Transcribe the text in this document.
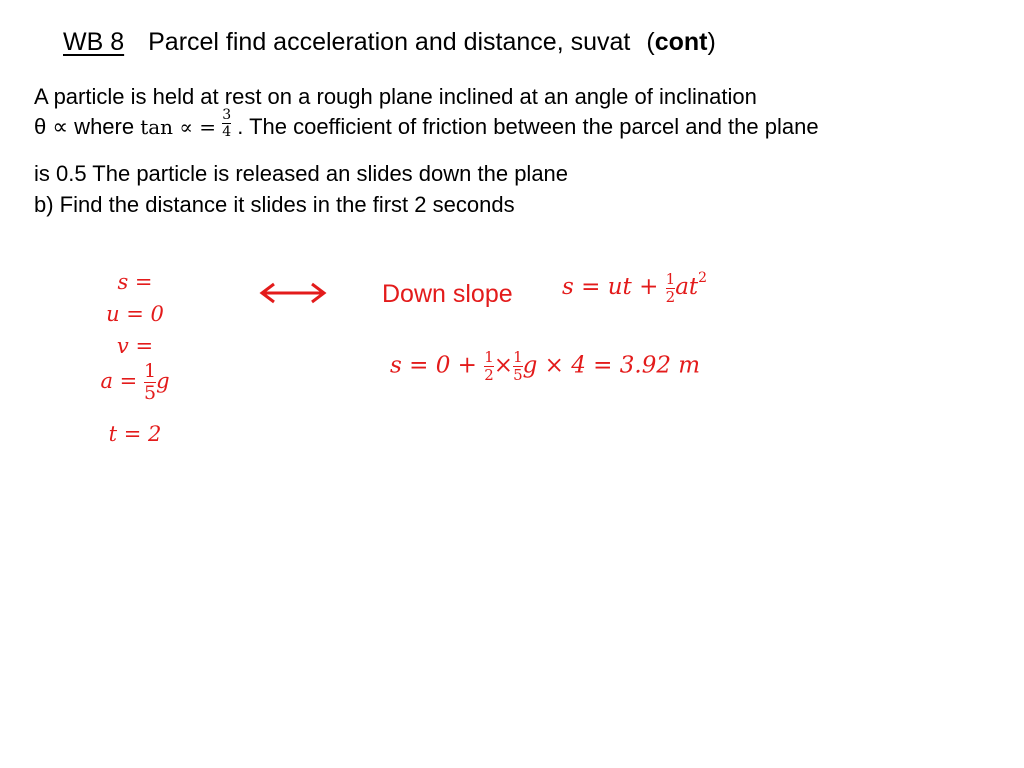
WB 8 Parcel find acceleration and distance, suvat (cont)
A particle is held at rest on a rough plane inclined at an angle of inclination
θ ∝ where tan ∝ = $\frac{3}{4}$ . The coefficient of friction between the parcel and the plane
is 0.5 The particle is released an slides down the plane
b) Find the distance it slides in the first 2 seconds
s =
u = 0
v =
$a = \frac{1}{5}$ g
t = 2
Down slope s = ut + $\frac{1}{2} at^2$
$s = 0 + \frac{1}{2} \times \frac{1}{5}$ g × 4 = 3.92 m
